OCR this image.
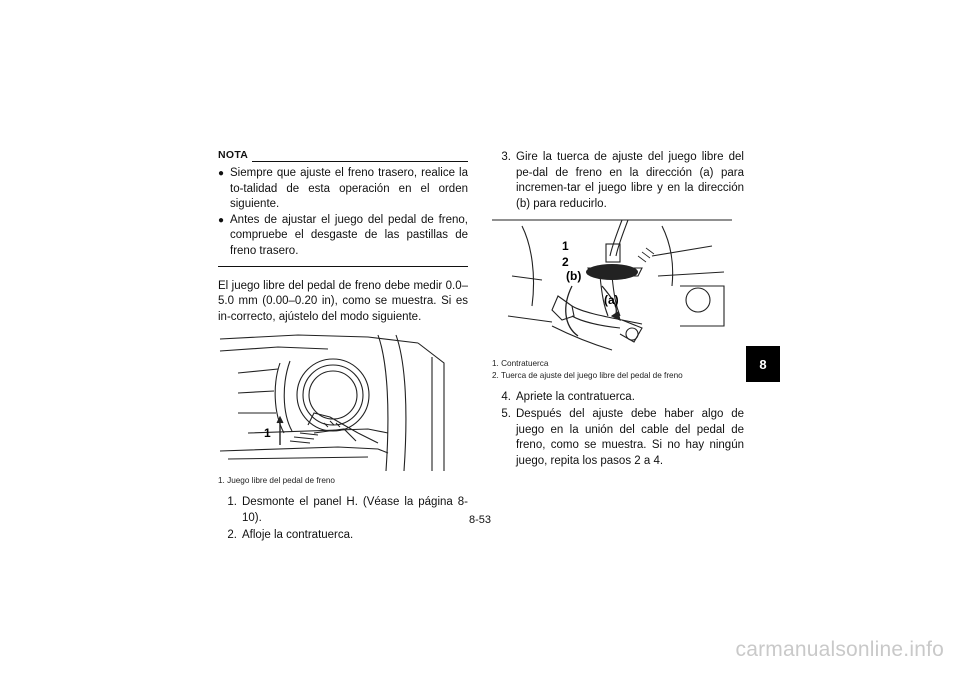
NOTA
● Siempre que ajuste el freno trasero, realice la to-talidad de esta operación en el orden siguiente.
● Antes de ajustar el juego del pedal de freno, compruebe el desgaste de las pastillas de freno trasero.
El juego libre del pedal de freno debe medir 0.0–5.0 mm (0.00–0.20 in), como se muestra. Si es in-correcto, ajústelo del modo siguiente.
1
1. Juego libre del pedal de freno
1. Desmonte el panel H. (Véase la página 8-10).
2. Afloje la contratuerca.
3. Gire la tuerca de ajuste del juego libre del pe-dal de freno en la dirección (a) para incremen-tar el juego libre y en la dirección (b) para reducirlo.
1
2
(b)
(a)
1. Contratuerca
2. Tuerca de ajuste del juego libre del pedal de freno
4. Apriete la contratuerca.
5. Después del ajuste debe haber algo de juego en la unión del cable del pedal de freno, como se muestra. Si no hay ningún juego, repita los pasos 2 a 4.
8
8-53
carmanualsonline.info
